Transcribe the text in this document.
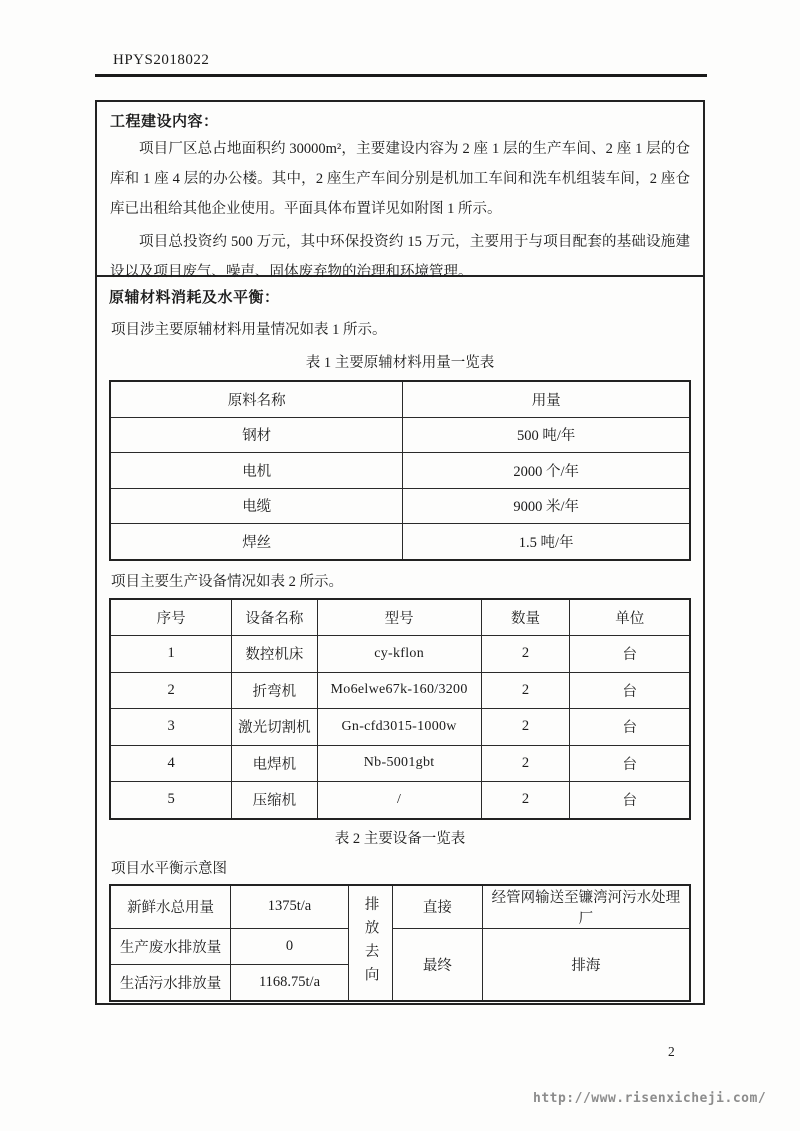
HPYS2018022
工程建设内容：

项目厂区总占地面积约 30000m²，主要建设内容为 2 座 1 层的生产车间、2 座 1 层的仓库和 1 座 4 层的办公楼。其中，2 座生产车间分别是机加工车间和洗车机组装车间，2 座仓库已出租给其他企业使用。平面具体布置详见如附图 1 所示。

项目总投资约 500 万元，其中环保投资约 15 万元，主要用于与项目配套的基础设施建设以及项目废气、噪声、固体废弃物的治理和环境管理。

原辅材料消耗及水平衡：
项目涉主要原辅材料用量情况如表 1 所示。
表 1 主要原辅材料用量一览表
原料名称	用量
钢材	500 吨/年
电机	2000 个/年
电缆	9000 米/年
焊丝	1.5 吨/年
项目主要生产设备情况如表 2 所示。
序号	设备名称	型号	数量	单位
1	数控机床	cy-kflon	2	台
2	折弯机	Mo6elwe67k-160/3200	2	台
3	激光切割机	Gn-cfd3015-1000w	2	台
4	电焊机	Nb-5001gbt	2	台
5	压缩机	/	2	台
表 2 主要设备一览表
项目水平衡示意图
新鲜水总用量	1375t/a	排放去向	直接	经管网输送至镰湾河污水处理厂
生产废水排放量	0		最终	排海
生活污水排放量	1168.75t/a			
2
http://www.risenxicheji.com/
